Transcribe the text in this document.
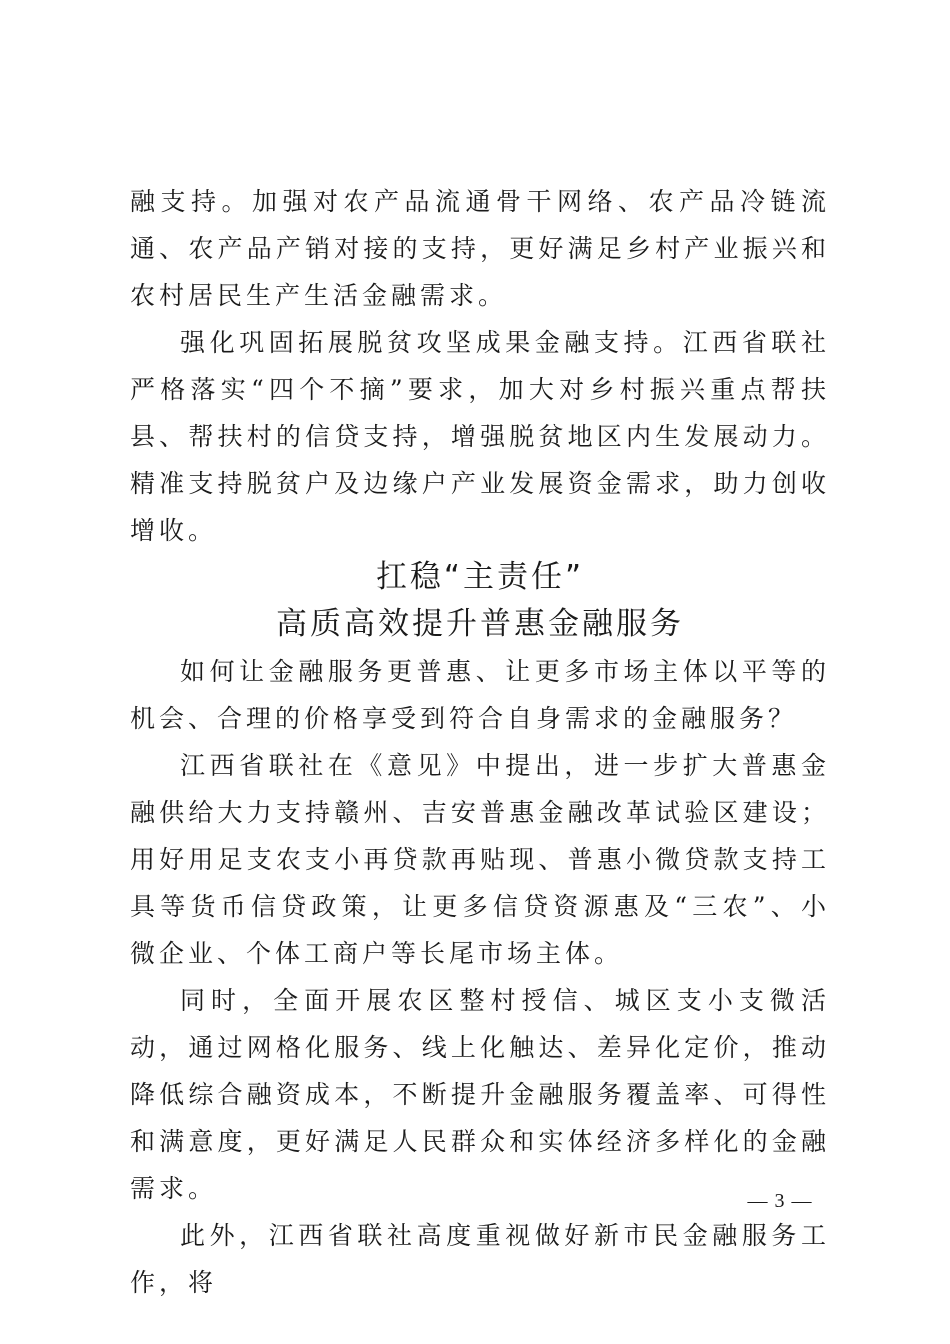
融支持。加强对农产品流通骨干网络、农产品冷链流通、农产品产销对接的支持，更好满足乡村产业振兴和农村居民生产生活金融需求。

强化巩固拓展脱贫攻坚成果金融支持。江西省联社严格落实“四个不摘”要求，加大对乡村振兴重点帮扶县、帮扶村的信贷支持，增强脱贫地区内生发展动力。精准支持脱贫户及边缘户产业发展资金需求，助力创收增收。

扛稳“主责任”
高质高效提升普惠金融服务

如何让金融服务更普惠、让更多市场主体以平等的机会、合理的价格享受到符合自身需求的金融服务？

江西省联社在《意见》中提出，进一步扩大普惠金融供给大力支持赣州、吉安普惠金融改革试验区建设；用好用足支农支小再贷款再贴现、普惠小微贷款支持工具等货币信贷政策，让更多信贷资源惠及“三农”、小微企业、个体工商户等长尾市场主体。

同时，全面开展农区整村授信、城区支小支微活动，通过网格化服务、线上化触达、差异化定价，推动降低综合融资成本，不断提升金融服务覆盖率、可得性和满意度，更好满足人民群众和实体经济多样化的金融需求。

此外，江西省联社高度重视做好新市民金融服务工作，将

— 3 —
